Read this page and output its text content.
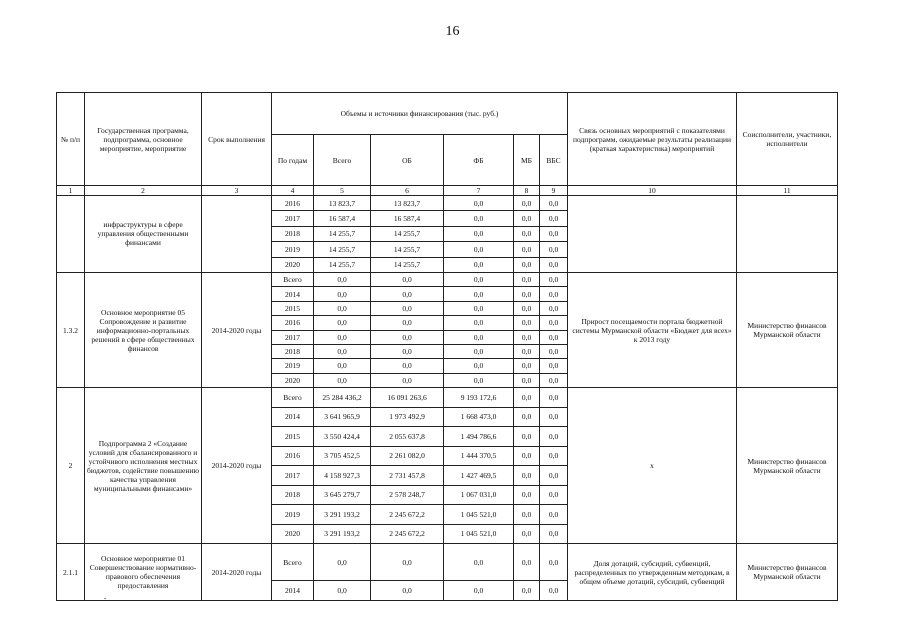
16
№ п/п	Государственная программа, подпрограмма, основное мероприятие, мероприятие	Срок выполнения	Объемы и источники финансирования (тыс. руб.)						Связь основных мероприятий с показателями подпрограмм, ожидаемые результаты реализации (краткая характеристика) мероприятий	Соисполнители, участники, исполнители
			По годам	Всего	ОБ	ФБ	МБ	ВБС		
1	2	3	4	5	6	7	8	9	10	11
	инфраструктуры в сфере управления общественными финансами		2016	13 823,7	13 823,7	0,0	0,0	0,0		
			2017	16 587,4	16 587,4	0,0	0,0	0,0		
			2018	14 255,7	14 255,7	0,0	0,0	0,0		
			2019	14 255,7	14 255,7	0,0	0,0	0,0		
			2020	14 255,7	14 255,7	0,0	0,0	0,0		
1.3.2	Основное мероприятие 05 Сопровождение и развитие информационно-портальных решений в сфере общественных финансов	2014-2020 годы	Всего	0,0	0,0	0,0	0,0	0,0	Прирост посещаемости портала бюджетной системы Мурманской области «Бюджет для всех» к 2013 году	Министерство финансов Мурманской области
			2014	0,0	0,0	0,0	0,0	0,0		
			2015	0,0	0,0	0,0	0,0	0,0		
			2016	0,0	0,0	0,0	0,0	0,0		
			2017	0,0	0,0	0,0	0,0	0,0		
			2018	0,0	0,0	0,0	0,0	0,0		
			2019	0,0	0,0	0,0	0,0	0,0		
			2020	0,0	0,0	0,0	0,0	0,0		
2	Подпрограмма 2 «Создание условий для сбалансированного и устойчивого исполнения местных бюджетов, содействие повышению качества управления муниципальными финансами»	2014-2020 годы	Всего	25 284 436,2	16 091 263,6	9 193 172,6	0,0	0,0	х	Министерство финансов Мурманской области
			2014	3 641 965,9	1 973 492,9	1 668 473,0	0,0	0,0		
			2015	3 550 424,4	2 055 637,8	1 494 786,6	0,0	0,0		
			2016	3 705 452,5	2 261 082,0	1 444 370,5	0,0	0,0		
			2017	4 158 927,3	2 731 457,8	1 427 469,5	0,0	0,0		
			2018	3 645 279,7	2 578 248,7	1 067 031,0	0,0	0,0		
			2019	3 291 193,2	2 245 672,2	1 045 521,0	0,0	0,0		
			2020	3 291 193,2	2 245 672,2	1 045 521,0	0,0	0,0		
2.1.1	Основное мероприятие 01 Совершенствование нормативно-правового обеспечения предоставления	2014-2020 годы	Всего	0,0	0,0	0,0	0,0	0,0	Доля дотаций, субсидий, субвенций, распределенных по утвержденным методикам, в общем объеме дотаций, субсидий, субвенций	Министерство финансов Мурманской области
			2014	0,0	0,0	0,0	0,0	0,0		
-
